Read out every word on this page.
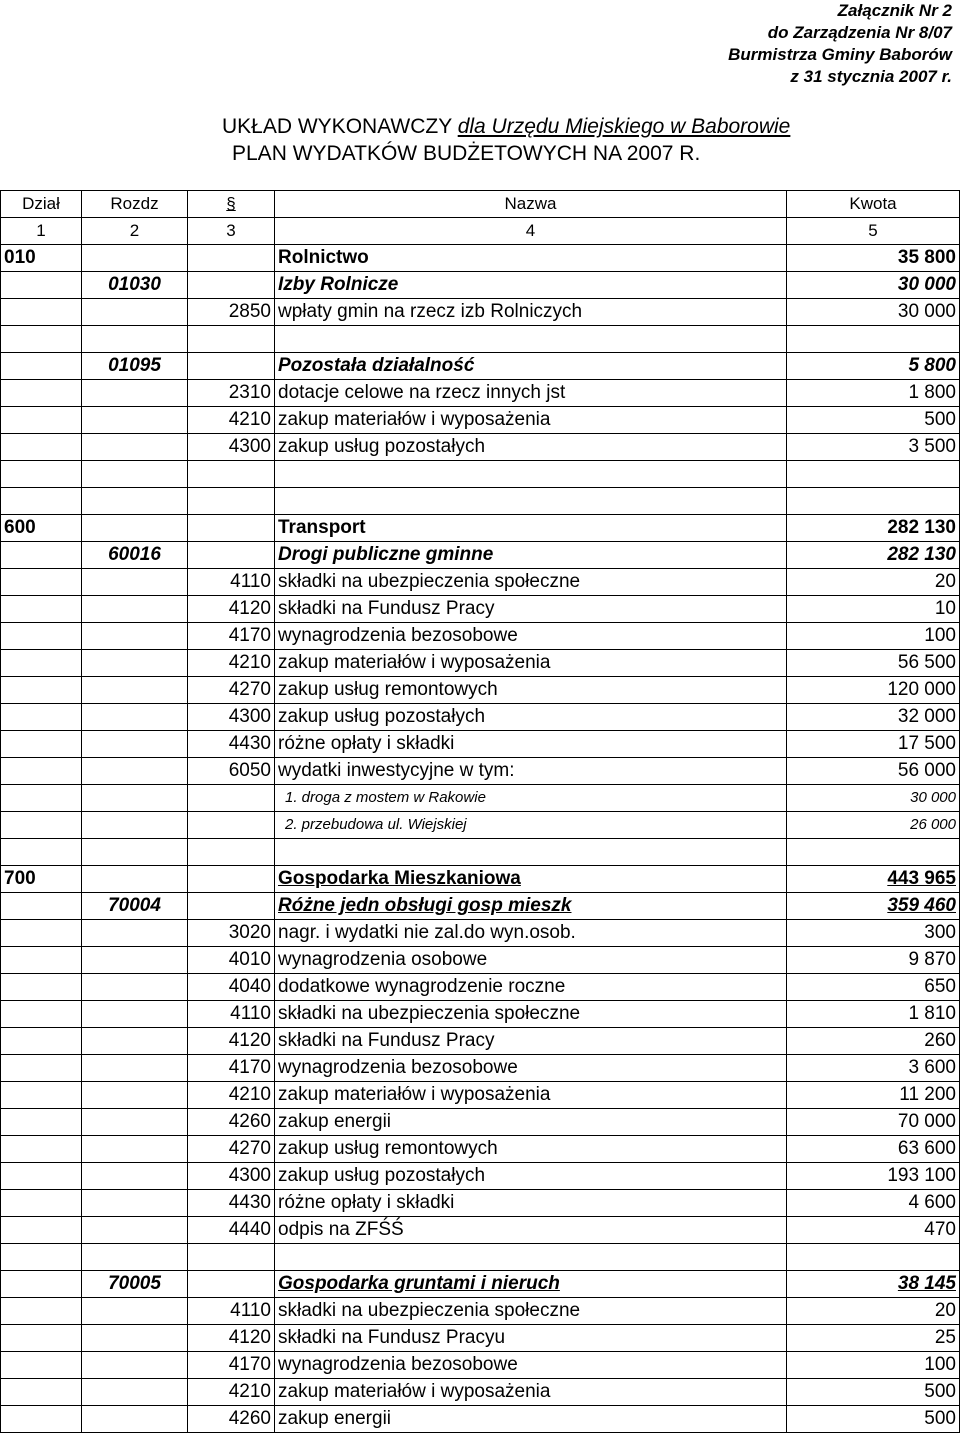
Załącznik Nr 2
do Zarządzenia Nr 8/07
Burmistrza Gminy Baborów
z 31 stycznia 2007 r.
UKŁAD WYKONAWCZY dla Urzędu Miejskiego w Baborowie
PLAN WYDATKÓW BUDŻETOWYCH NA 2007 R.
Dział	Rozdz	§	Nazwa	Kwota
1	2	3	4	5
010			Rolnictwo	35 800
	01030		Izby Rolnicze	30 000
		2850	wpłaty gmin na rzecz izb Rolniczych	30 000

	01095		Pozostała działalność	5 800
		2310	dotacje celowe na rzecz innych jst	1 800
		4210	zakup materiałów i wyposażenia	500
		4300	zakup usług pozostałych	3 500

600			Transport	282 130
	60016		Drogi publiczne gminne	282 130
		4110	składki na ubezpieczenia społeczne	20
		4120	składki na Fundusz Pracy	10
		4170	wynagrodzenia bezosobowe	100
		4210	zakup materiałów i wyposażenia	56 500
		4270	zakup usług remontowych	120 000
		4300	zakup usług pozostałych	32 000
		4430	różne opłaty i składki	17 500
		6050	wydatki inwestycyjne w tym:	56 000
			1. droga z mostem w Rakowie	30 000
			2. przebudowa ul. Wiejskiej	26 000

700			Gospodarka Mieszkaniowa	443 965
	70004		Różne jedn obsługi gosp mieszk	359 460
		3020	nagr. i wydatki nie zal.do wyn.osob.	300
		4010	wynagrodzenia osobowe	9 870
		4040	dodatkowe wynagrodzenie roczne	650
		4110	składki na ubezpieczenia społeczne	1 810
		4120	składki na Fundusz Pracy	260
		4170	wynagrodzenia bezosobowe	3 600
		4210	zakup materiałów i wyposażenia	11 200
		4260	zakup energii	70 000
		4270	zakup usług remontowych	63 600
		4300	zakup usług pozostałych	193 100
		4430	różne opłaty i składki	4 600
		4440	odpis na ZFŚŚ	470

	70005		Gospodarka gruntami i nieruch	38 145
		4110	składki na ubezpieczenia społeczne	20
		4120	składki na Fundusz Pracyu	25
		4170	wynagrodzenia bezosobowe	100
		4210	zakup materiałów i wyposażenia	500
		4260	zakup energii	500
